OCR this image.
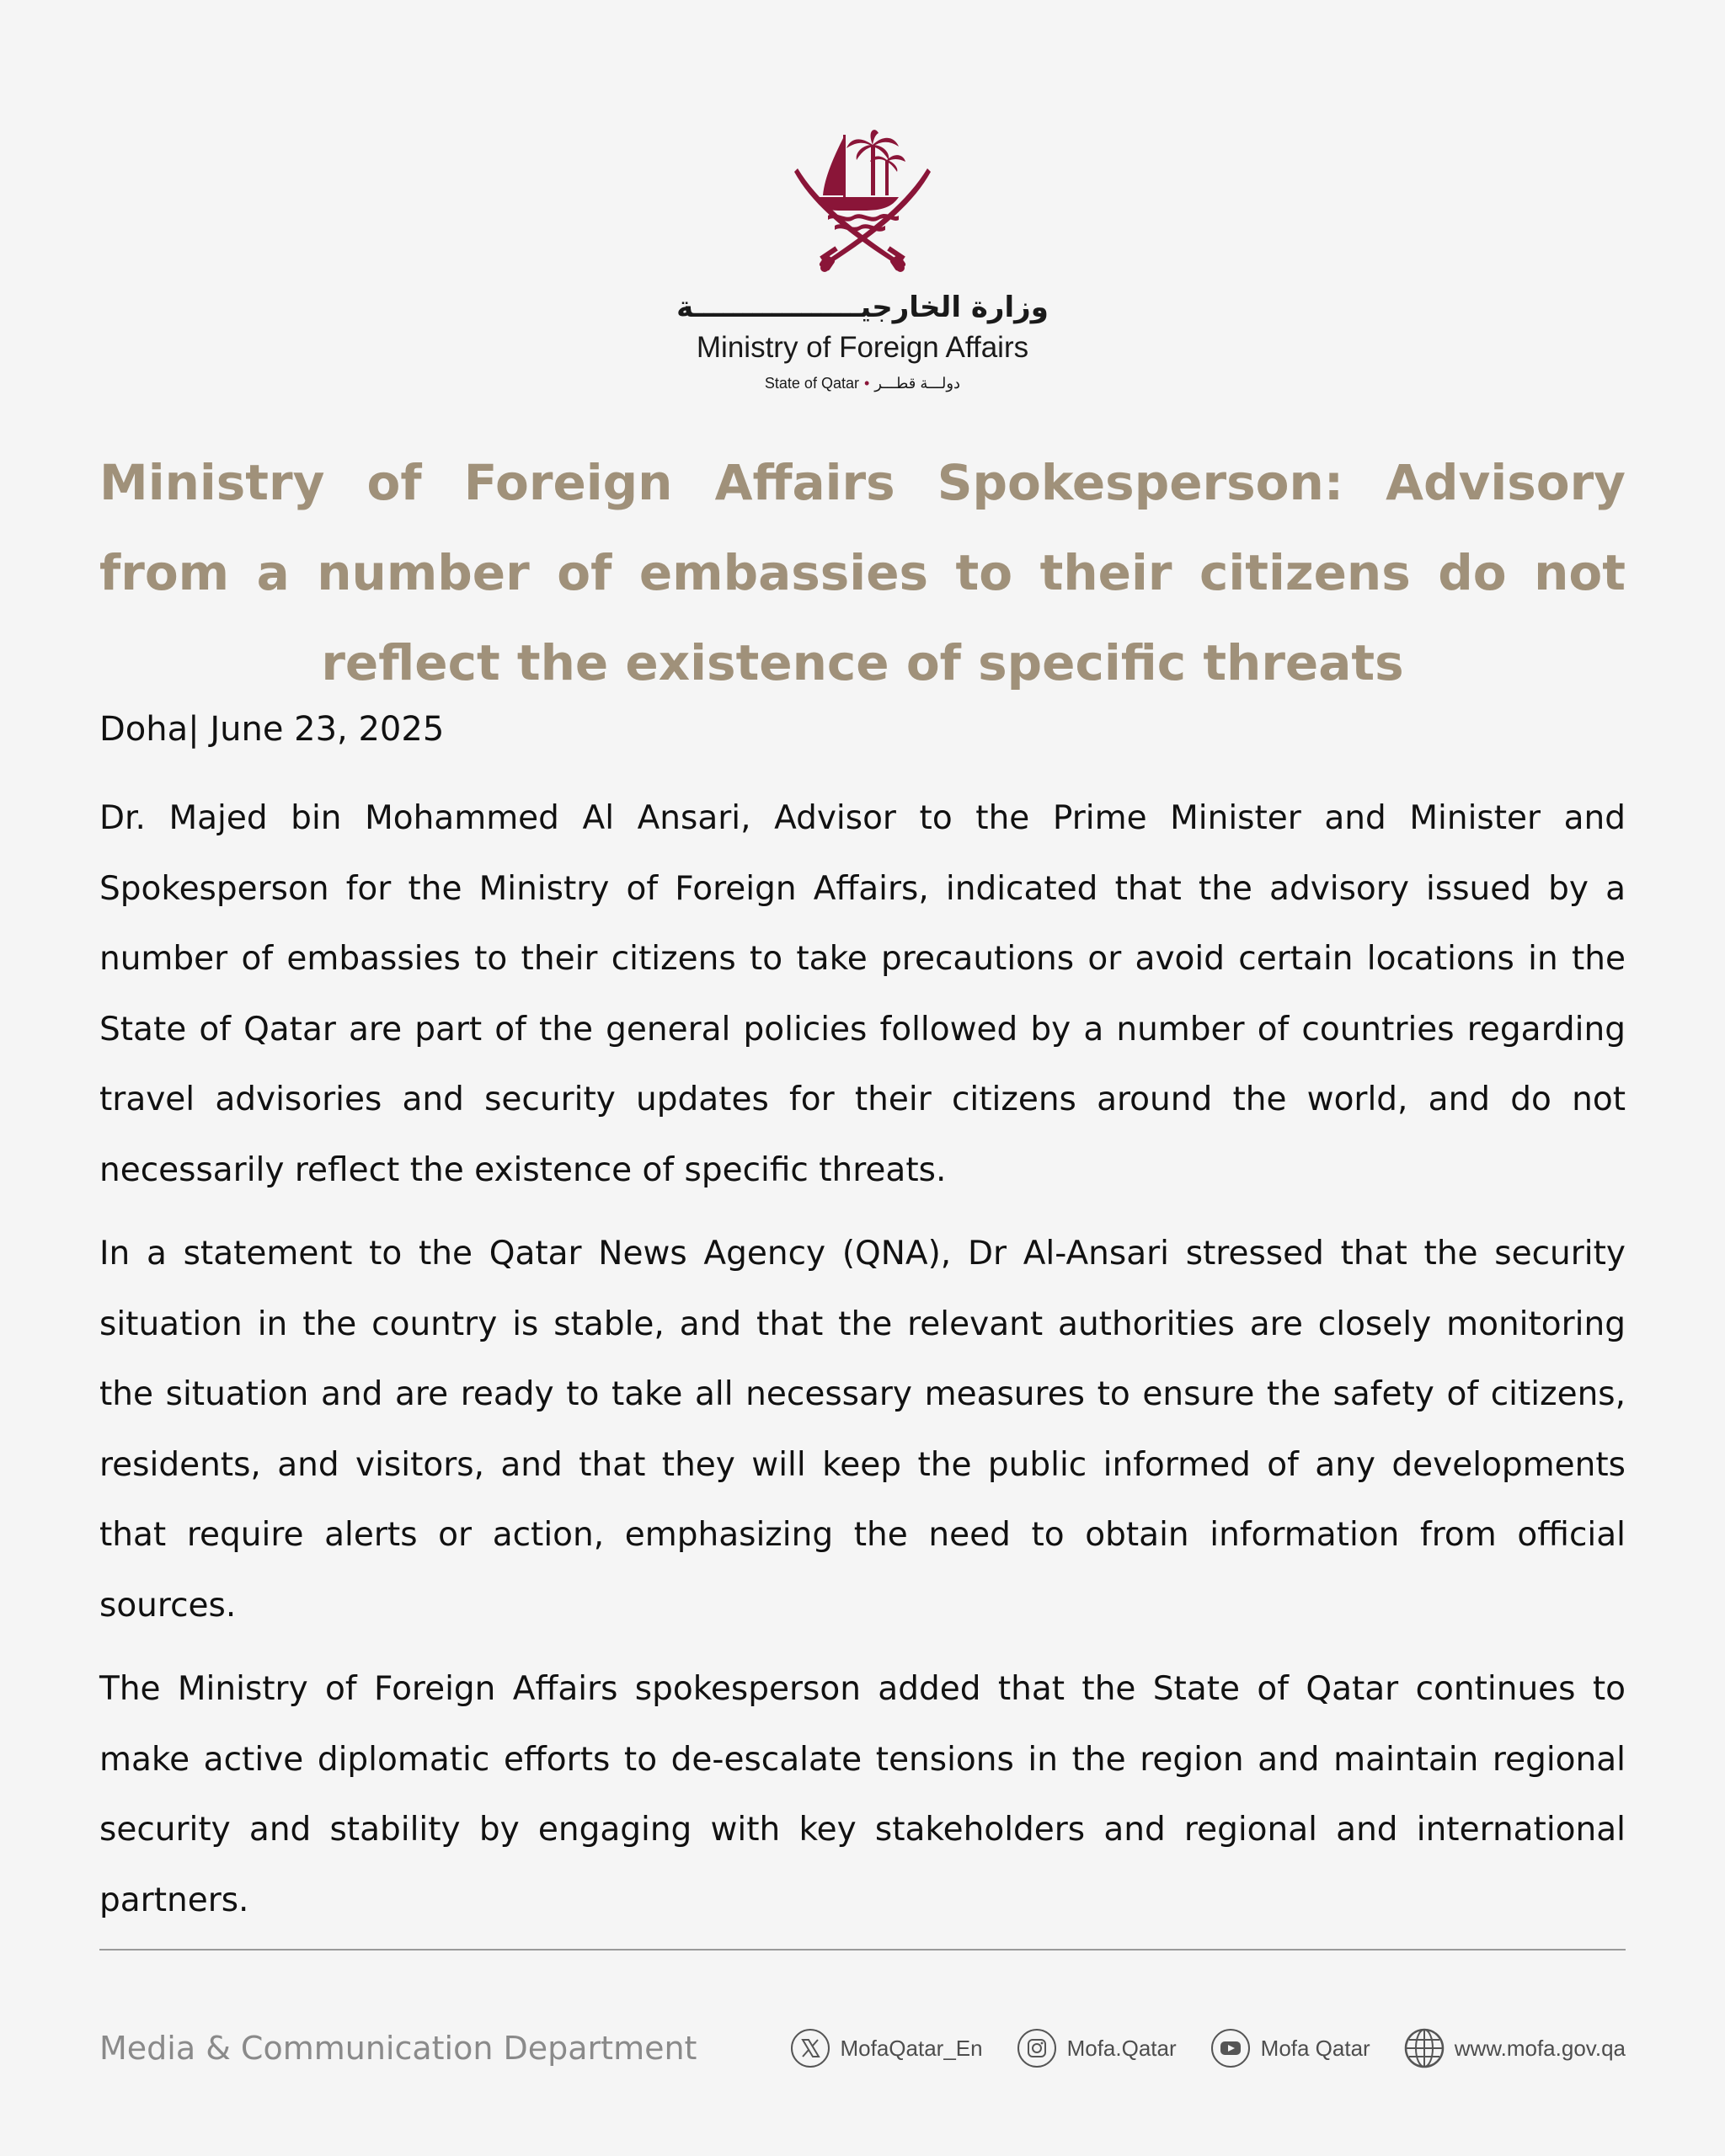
وزارة الخارجيـــــــــــــــــة
Ministry of Foreign Affairs
State of Qatar • دولـــة قطـــر
Ministry of Foreign Affairs Spokesperson: Advisory from a number of embassies to their citizens do not reflect the existence of specific threats
Doha| June 23, 2025

Dr. Majed bin Mohammed Al Ansari, Advisor to the Prime Minister and Minister and Spokesperson for the Ministry of Foreign Affairs, indicated that the advisory issued by a number of embassies to their citizens to take precautions or avoid certain locations in the State of Qatar are part of the general policies followed by a number of countries regarding travel advisories and security updates for their citizens around the world, and do not necessarily reflect the existence of specific threats.

In a statement to the Qatar News Agency (QNA), Dr Al-Ansari stressed that the security situation in the country is stable, and that the relevant authorities are closely monitoring the situation and are ready to take all necessary measures to ensure the safety of citizens, residents, and visitors, and that they will keep the public informed of any developments that require alerts or action, emphasizing the need to obtain information from official sources.

The Ministry of Foreign Affairs spokesperson added that the State of Qatar continues to make active diplomatic efforts to de-escalate tensions in the region and maintain regional security and stability by engaging with key stakeholders and regional and international partners.

Media & Communication Department	MofaQatar_En	Mofa.Qatar	Mofa Qatar	www.mofa.gov.qa
